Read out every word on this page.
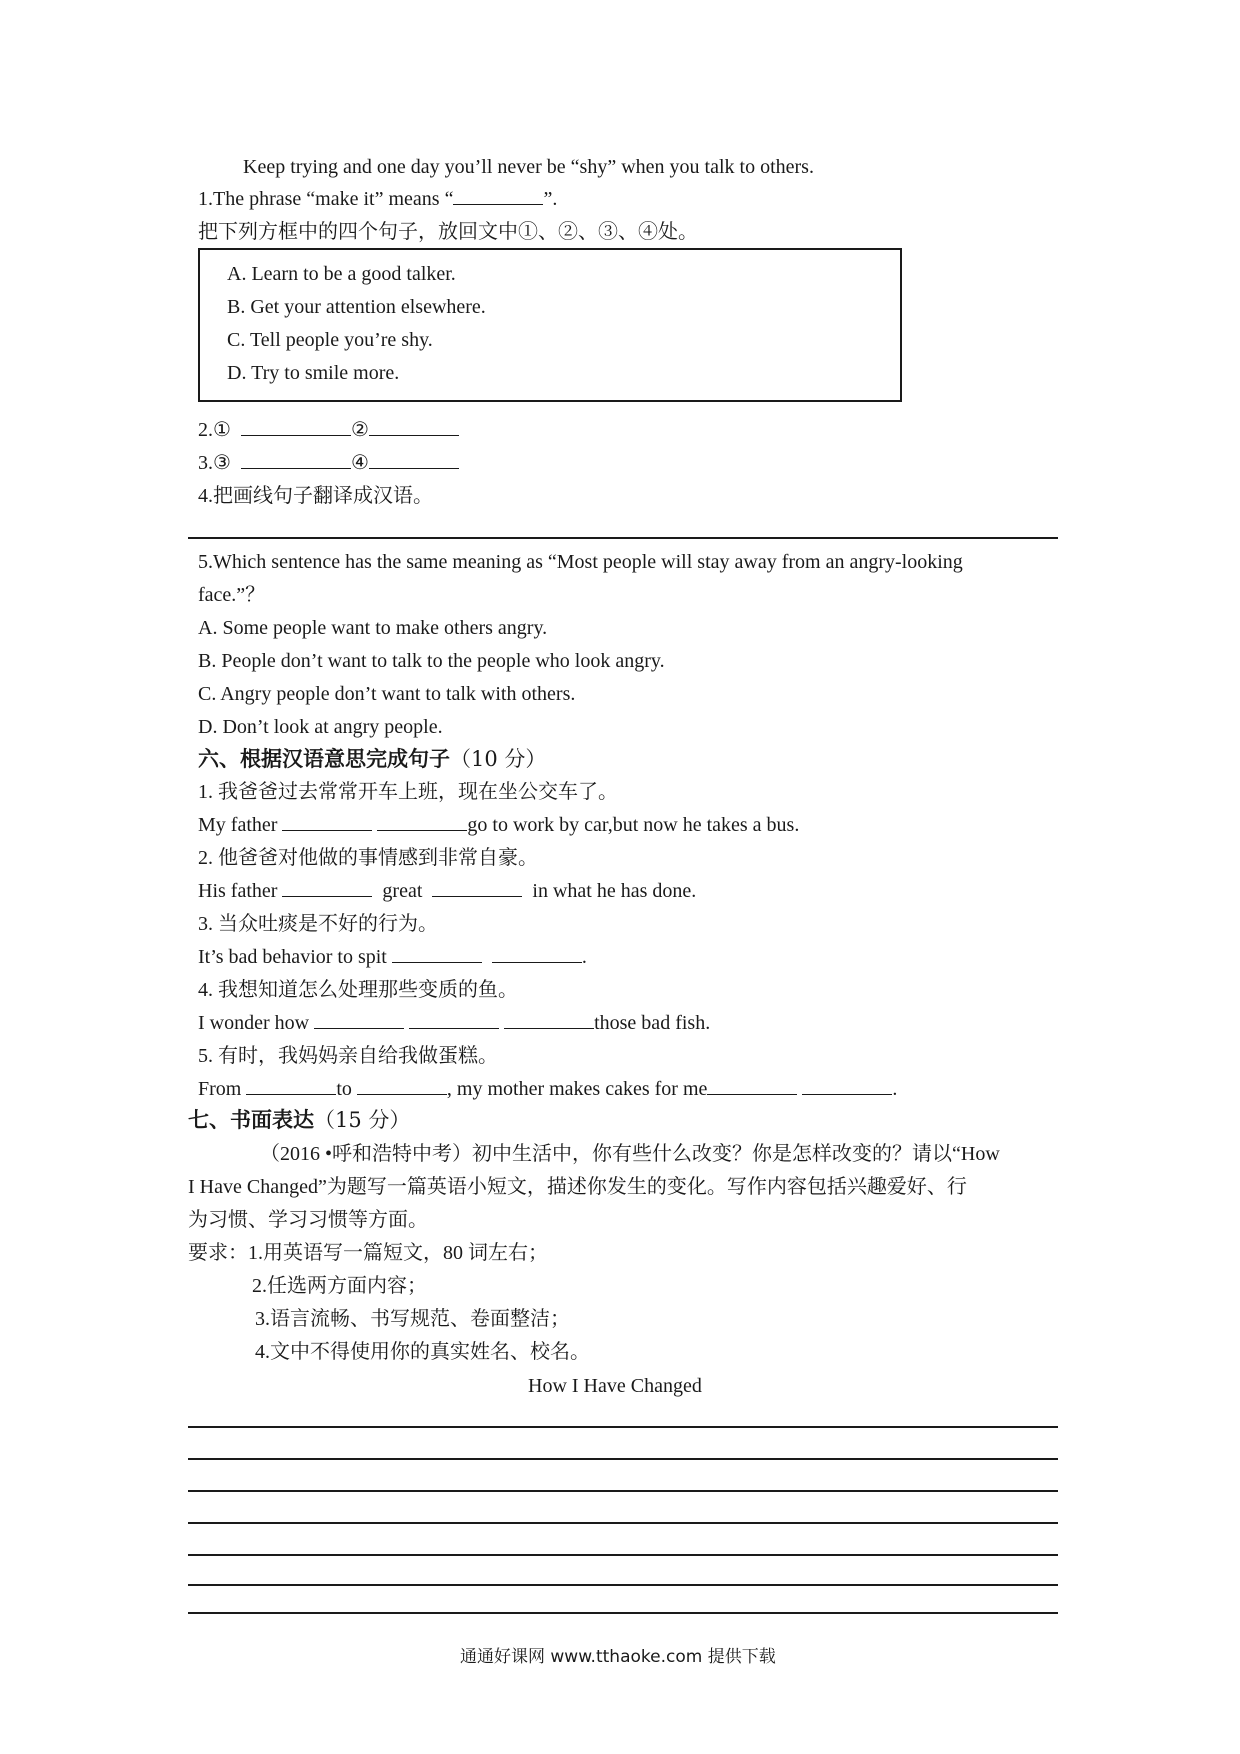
Keep trying and one day you’ll never be “shy” when you talk to others.
1.The phrase “make it” means “	”.
把下列方框中的四个句子，放回文中①、②、③、④处。
A. Learn to be a good talker.
B. Get your attention elsewhere.
C. Tell people you’re shy.
D. Try to smile more.
2.①	②
3.③	④
4.把画线句子翻译成汉语。
5.Which sentence has the same meaning as “Most people will stay away from an angry-looking
face.”？
A. Some people want to make others angry.
B. People don’t want to talk to the people who look angry.
C. Angry people don’t want to talk with others.
D. Don’t look at angry people.
六、根据汉语意思完成句子（10 分）
1. 我爸爸过去常常开车上班，现在坐公交车了。
My father	go to work by car,but now he takes a bus.
2. 他爸爸对他做的事情感到非常自豪。
His father	great	in what he has done.
3. 当众吐痰是不好的行为。
It’s bad behavior to spit	.
4. 我想知道怎么处理那些变质的鱼。
I wonder how	those bad fish.
5. 有时，我妈妈亲自给我做蛋糕。
From	to	, my mother makes cakes for me	.
七、书面表达（15 分）
（2016 •呼和浩特中考）初中生活中，你有些什么改变？你是怎样改变的？请以“How
I Have Changed”为题写一篇英语小短文，描述你发生的变化。写作内容包括兴趣爱好、行
为习惯、学习习惯等方面。
要求：1.用英语写一篇短文，80 词左右；
2.任选两方面内容；
3.语言流畅、书写规范、卷面整洁；
4.文中不得使用你的真实姓名、校名。
How I Have Changed
通通好课网 www.tthaoke.com 提供下载
